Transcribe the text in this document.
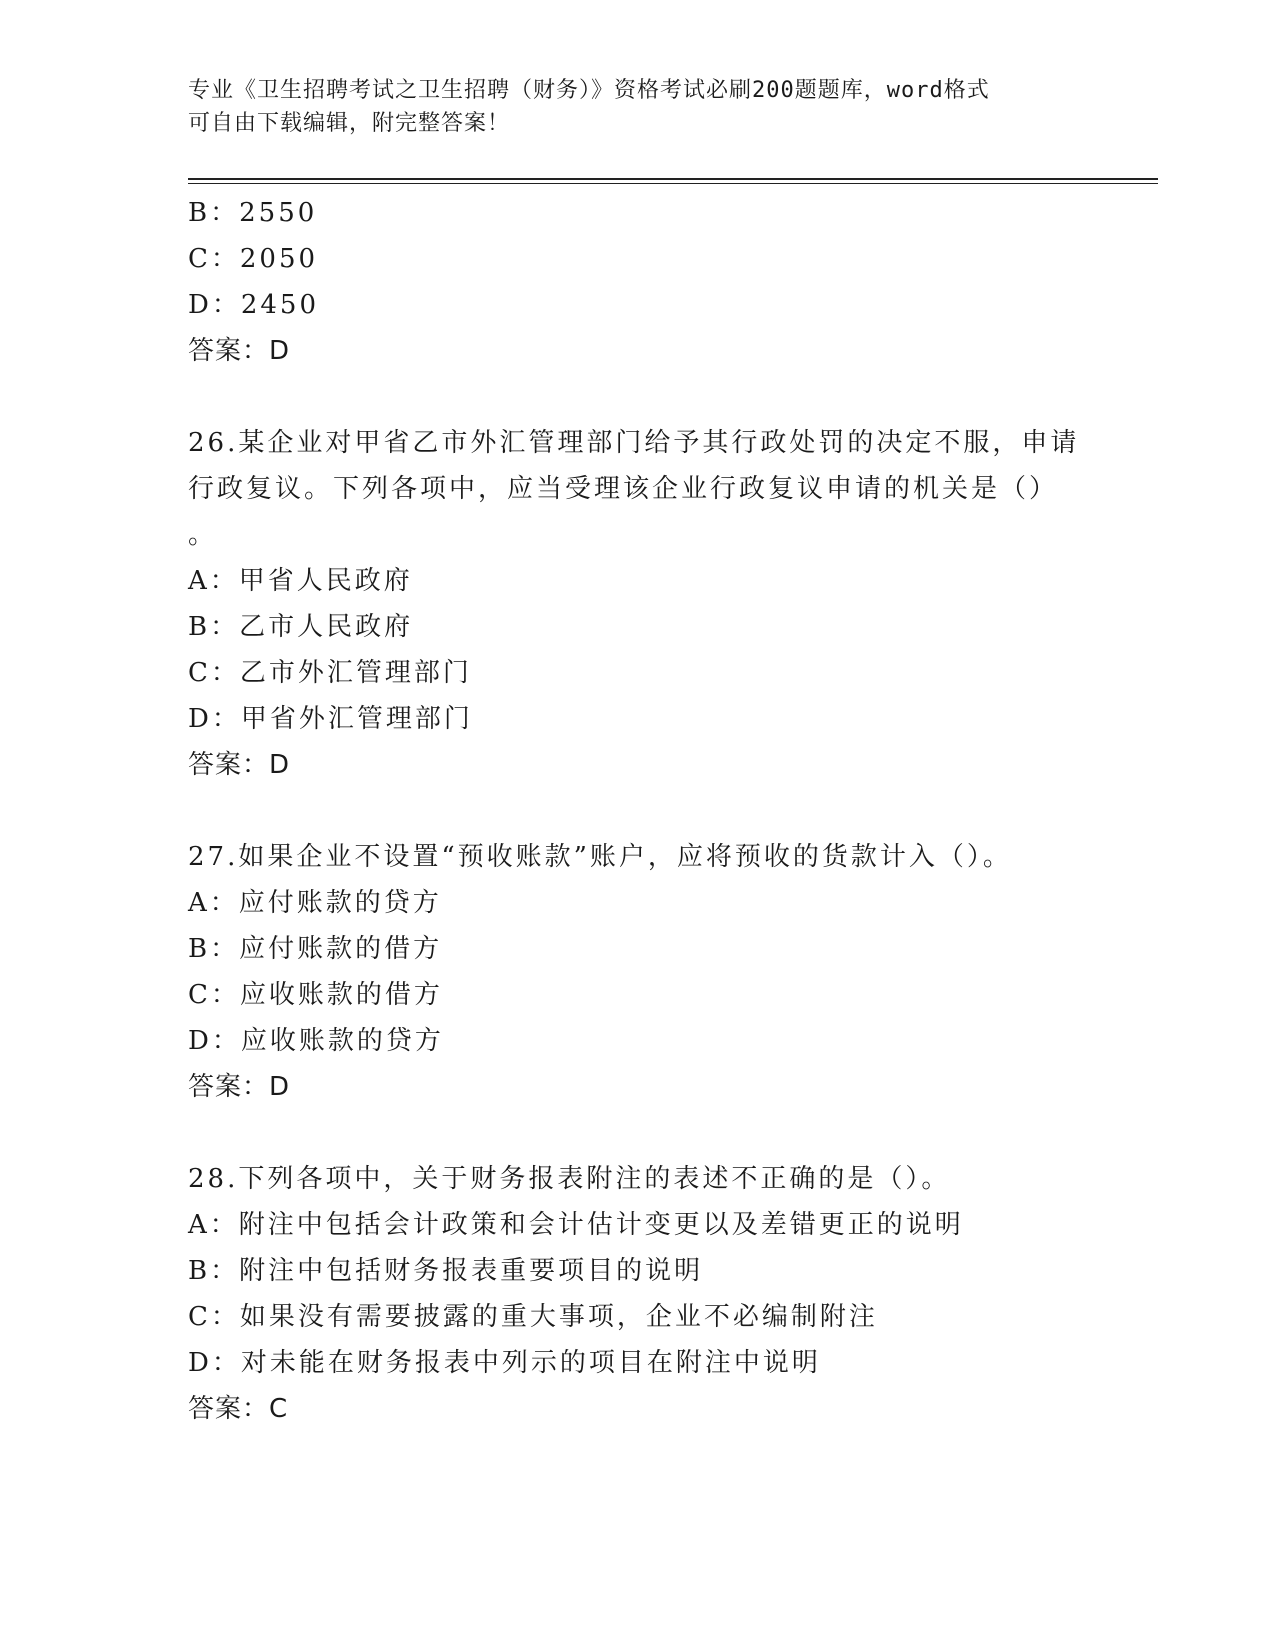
专业《卫生招聘考试之卫生招聘（财务）》资格考试必刷200题题库，word格式
可自由下载编辑，附完整答案！
B：2550
C：2050
D：2450
答案：D
26.某企业对甲省乙市外汇管理部门给予其行政处罚的决定不服，申请
行政复议。下列各项中，应当受理该企业行政复议申请的机关是（）
。
A：甲省人民政府
B：乙市人民政府
C：乙市外汇管理部门
D：甲省外汇管理部门
答案：D
27.如果企业不设置“预收账款”账户，应将预收的货款计入（）。
A：应付账款的贷方
B：应付账款的借方
C：应收账款的借方
D：应收账款的贷方
答案：D
28.下列各项中，关于财务报表附注的表述不正确的是（）。
A：附注中包括会计政策和会计估计变更以及差错更正的说明
B：附注中包括财务报表重要项目的说明
C：如果没有需要披露的重大事项，企业不必编制附注
D：对未能在财务报表中列示的项目在附注中说明
答案：C
